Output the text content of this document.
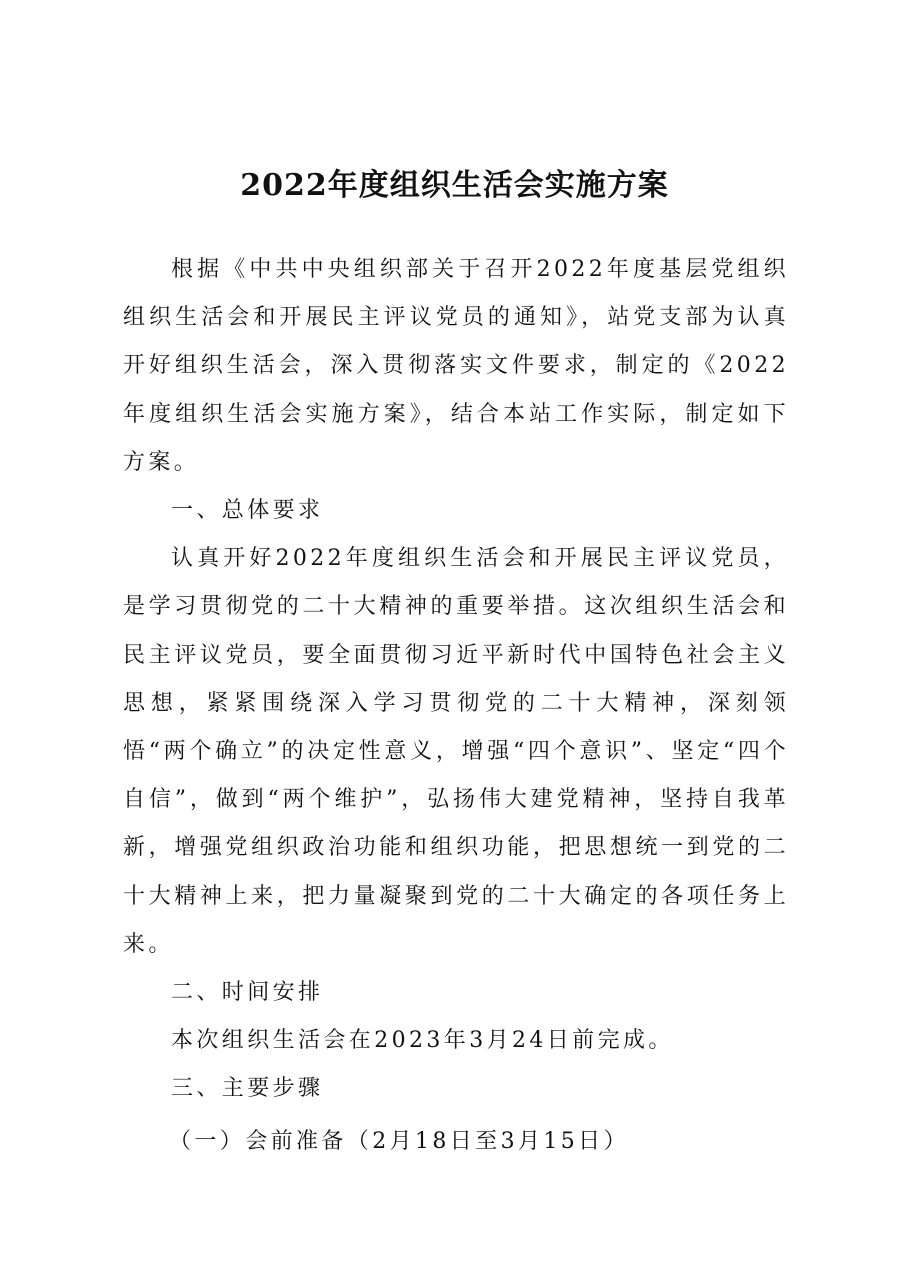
2022年度组织生活会实施方案

根据《中共中央组织部关于召开2022年度基层党组织组织生活会和开展民主评议党员的通知》，站党支部为认真开好组织生活会，深入贯彻落实文件要求，制定的《2022年度组织生活会实施方案》，结合本站工作实际，制定如下方案。

一、总体要求

认真开好2022年度组织生活会和开展民主评议党员，是学习贯彻党的二十大精神的重要举措。这次组织生活会和民主评议党员，要全面贯彻习近平新时代中国特色社会主义思想，紧紧围绕深入学习贯彻党的二十大精神，深刻领悟“两个确立”的决定性意义，增强“四个意识”、坚定“四个自信”，做到“两个维护”，弘扬伟大建党精神，坚持自我革新，增强党组织政治功能和组织功能，把思想统一到党的二十大精神上来，把力量凝聚到党的二十大确定的各项任务上来。

二、时间安排

本次组织生活会在2023年3月24日前完成。

三、主要步骤

（一）会前准备（2月18日至3月15日）
